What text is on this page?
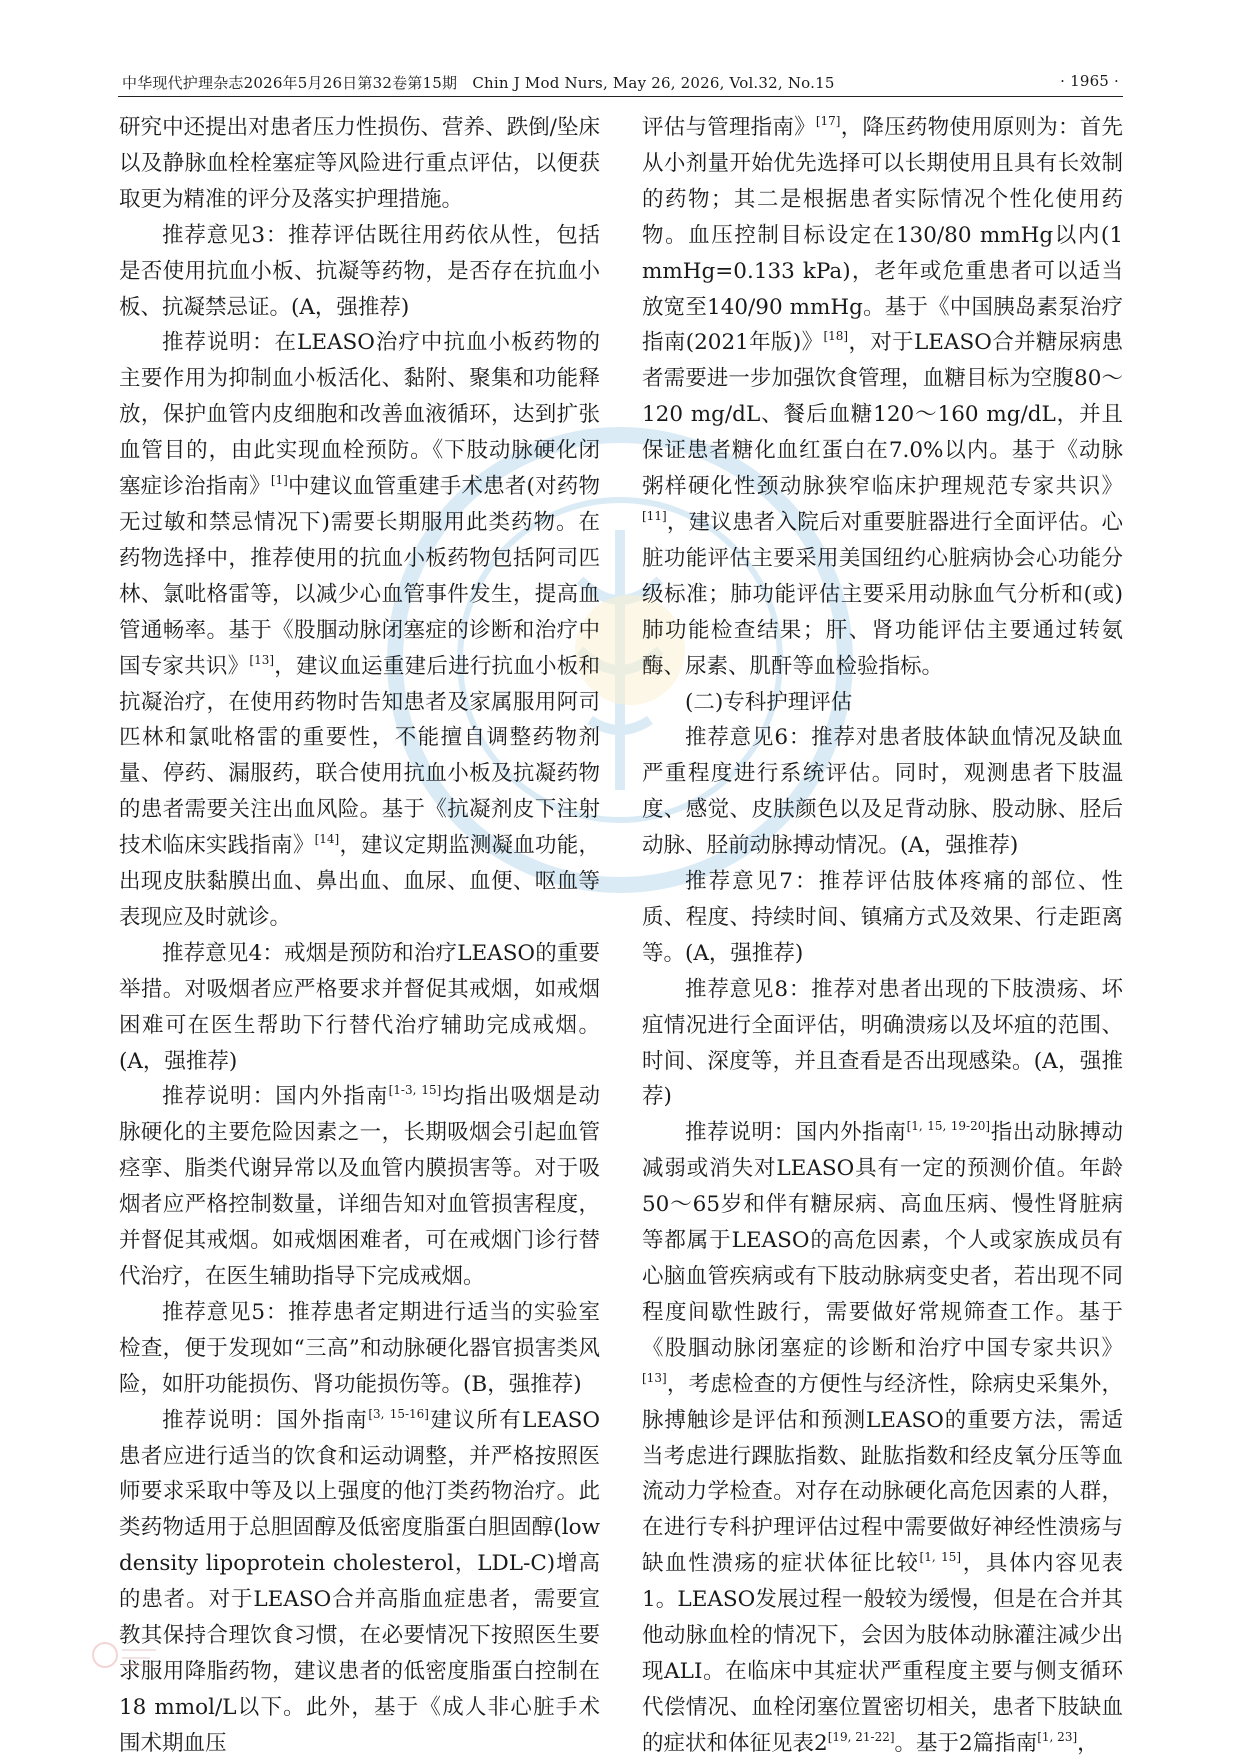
中华现代护理杂志2026年5月26日第32卷第15期　Chin J Mod Nurs, May 26, 2026, Vol.32, No.15	· 1965 ·

研究中还提出对患者压力性损伤、营养、跌倒/坠床以及静脉血栓栓塞症等风险进行重点评估，以便获取更为精准的评分及落实护理措施。

推荐意见3：推荐评估既往用药依从性，包括是否使用抗血小板、抗凝等药物，是否存在抗血小板、抗凝禁忌证。(A，强推荐)

推荐说明：在LEASO治疗中抗血小板药物的主要作用为抑制血小板活化、黏附、聚集和功能释放，保护血管内皮细胞和改善血液循环，达到扩张血管目的，由此实现血栓预防。《下肢动脉硬化闭塞症诊治指南》[1]中建议血管重建手术患者(对药物无过敏和禁忌情况下)需要长期服用此类药物。在药物选择中，推荐使用的抗血小板药物包括阿司匹林、氯吡格雷等，以减少心血管事件发生，提高血管通畅率。基于《股腘动脉闭塞症的诊断和治疗中国专家共识》[13]，建议血运重建后进行抗血小板和抗凝治疗，在使用药物时告知患者及家属服用阿司匹林和氯吡格雷的重要性，不能擅自调整药物剂量、停药、漏服药，联合使用抗血小板及抗凝药物的患者需要关注出血风险。基于《抗凝剂皮下注射技术临床实践指南》[14]，建议定期监测凝血功能，出现皮肤黏膜出血、鼻出血、血尿、血便、呕血等表现应及时就诊。

推荐意见4：戒烟是预防和治疗LEASO的重要举措。对吸烟者应严格要求并督促其戒烟，如戒烟困难可在医生帮助下行替代治疗辅助完成戒烟。(A，强推荐)

推荐说明：国内外指南[1-3, 15]均指出吸烟是动脉硬化的主要危险因素之一，长期吸烟会引起血管痉挛、脂类代谢异常以及血管内膜损害等。对于吸烟者应严格控制数量，详细告知对血管损害程度，并督促其戒烟。如戒烟困难者，可在戒烟门诊行替代治疗，在医生辅助指导下完成戒烟。

推荐意见5：推荐患者定期进行适当的实验室检查，便于发现如“三高”和动脉硬化器官损害类风险，如肝功能损伤、肾功能损伤等。(B，强推荐)

推荐说明：国外指南[3, 15-16]建议所有LEASO患者应进行适当的饮食和运动调整，并严格按照医师要求采取中等及以上强度的他汀类药物治疗。此类药物适用于总胆固醇及低密度脂蛋白胆固醇(low density lipoprotein cholesterol，LDL-C)增高的患者。对于LEASO合并高脂血症患者，需要宣教其保持合理饮食习惯，在必要情况下按照医生要求服用降脂药物，建议患者的低密度脂蛋白控制在18 mmol/L以下。此外，基于《成人非心脏手术围术期血压

评估与管理指南》[17]，降压药物使用原则为：首先从小剂量开始优先选择可以长期使用且具有长效制的药物；其二是根据患者实际情况个性化使用药物。血压控制目标设定在130/80 mmHg以内(1 mmHg=0.133 kPa)，老年或危重患者可以适当放宽至140/90 mmHg。基于《中国胰岛素泵治疗指南(2021年版)》[18]，对于LEASO合并糖尿病患者需要进一步加强饮食管理，血糖目标为空腹80～120 mg/dL、餐后血糖120～160 mg/dL，并且保证患者糖化血红蛋白在7.0%以内。基于《动脉粥样硬化性颈动脉狭窄临床护理规范专家共识》[11]，建议患者入院后对重要脏器进行全面评估。心脏功能评估主要采用美国纽约心脏病协会心功能分级标准；肺功能评估主要采用动脉血气分析和(或)肺功能检查结果；肝、肾功能评估主要通过转氨酶、尿素、肌酐等血检验指标。

(二)专科护理评估

推荐意见6：推荐对患者肢体缺血情况及缺血严重程度进行系统评估。同时，观测患者下肢温度、感觉、皮肤颜色以及足背动脉、股动脉、胫后动脉、胫前动脉搏动情况。(A，强推荐)

推荐意见7：推荐评估肢体疼痛的部位、性质、程度、持续时间、镇痛方式及效果、行走距离等。(A，强推荐)

推荐意见8：推荐对患者出现的下肢溃疡、坏疽情况进行全面评估，明确溃疡以及坏疽的范围、时间、深度等，并且查看是否出现感染。(A，强推荐)

推荐说明：国内外指南[1, 15, 19-20]指出动脉搏动减弱或消失对LEASO具有一定的预测价值。年龄50～65岁和伴有糖尿病、高血压病、慢性肾脏病等都属于LEASO的高危因素，个人或家族成员有心脑血管疾病或有下肢动脉病变史者，若出现不同程度间歇性跛行，需要做好常规筛查工作。基于《股腘动脉闭塞症的诊断和治疗中国专家共识》[13]，考虑检查的方便性与经济性，除病史采集外，脉搏触诊是评估和预测LEASO的重要方法，需适当考虑进行踝肱指数、趾肱指数和经皮氧分压等血流动力学检查。对存在动脉硬化高危因素的人群，在进行专科护理评估过程中需要做好神经性溃疡与缺血性溃疡的症状体征比较[1, 15]，具体内容见表1。LEASO发展过程一般较为缓慢，但是在合并其他动脉血栓的情况下，会因为肢体动脉灌注减少出现ALI。在临床中其症状严重程度主要与侧支循环代偿情况、血栓闭塞位置密切相关，患者下肢缺血的症状和体征见表2[19, 21-22]。基于2篇指南[1, 23]，
